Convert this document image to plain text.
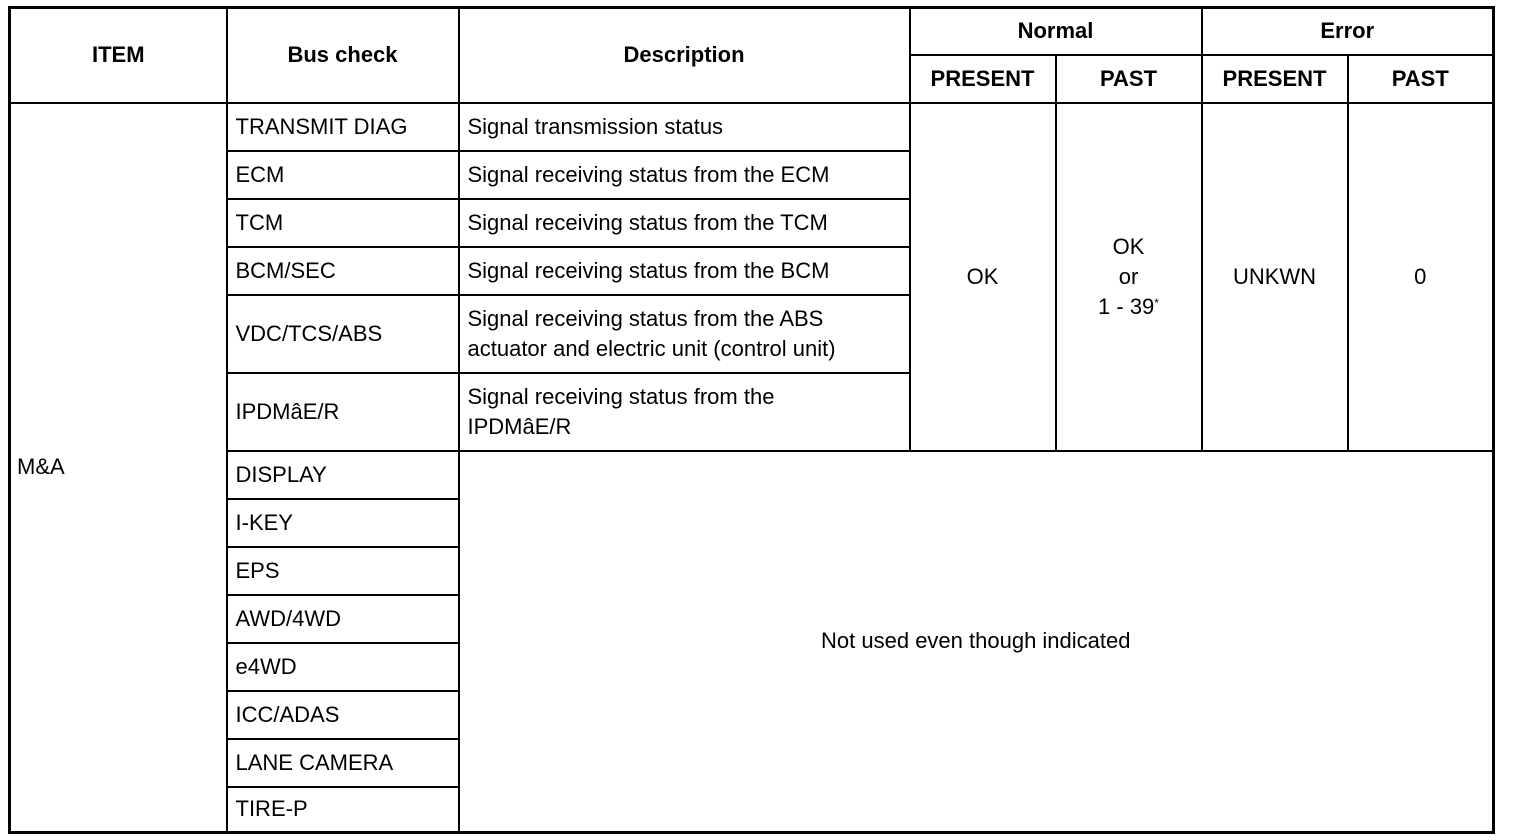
ITEM	Bus check	Description	Normal		Error	
			PRESENT	PAST	PRESENT	PAST
M&A	TRANSMIT DIAG	Signal transmission status	OK	OK
or
1 - 39*	UNKWN	0
	ECM	Signal receiving status from the ECM				
	TCM	Signal receiving status from the TCM				
	BCM/SEC	Signal receiving status from the BCM				
	VDC/TCS/ABS	Signal receiving status from the ABS
actuator and electric unit (control unit)				
	IPDMâE/R	Signal receiving status from the
IPDMâE/R				
	DISPLAY	Not used even though indicated				
	I-KEY					
	EPS					
	AWD/4WD					
	e4WD					
	ICC/ADAS					
	LANE CAMERA					
	TIRE-P					
